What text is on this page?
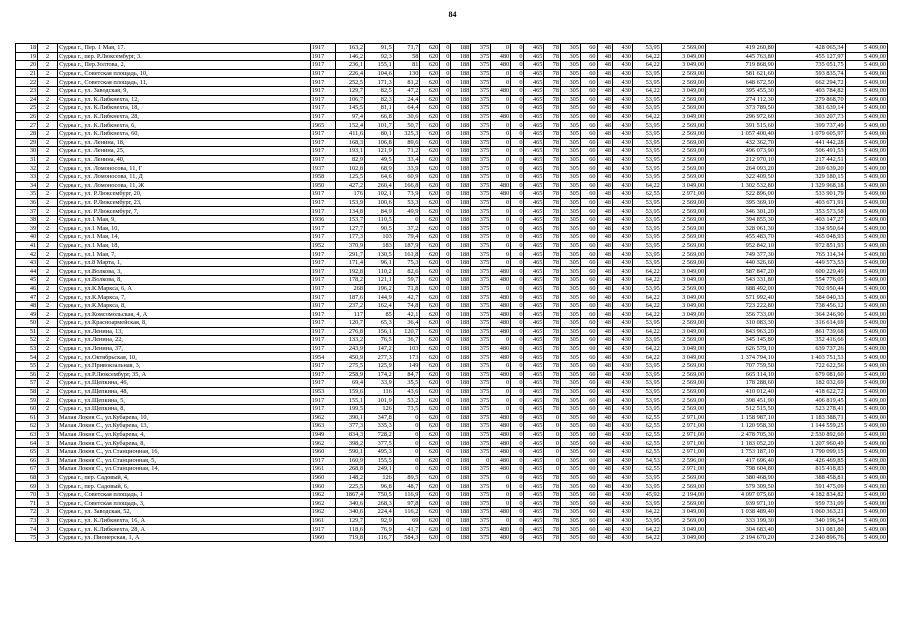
84
18	2	Суджа г., Пер. 1 Мая, 17.	1917	163,2	91,5	71,7	620	0	188	375	0	0	465	78	305	60	48	430	53,95	2 569,00	419 260,80	428 065,34	5 409,00
19	2	Суджа г., пер. Р.Люксембург, 3.	1917	146,2	92,3	58	620	0	188	375	480	0	465	78	305	60	48	430	64,22	3 049,00	445 763,80	455 127,97	5 409,00
20	2	Суджа г., Пер.Золтова, 2,	1917	236,1	155,1	81	620	0	188	375	480	0	465	78	305	60	48	430	64,22	3 049,00	719 868,90	735 051,75	5 409,00
21	2	Суджа г., Советская площадь, 10,	1917	226,4	104,6	130	620	0	188	375	0	0	465	78	305	60	48	430	53,95	2 569,00	581 621,60	593 835,74	5 409,00
22	2	Суджа г., Советская площадь, 11,	1917	252,5	171,3	81,2	620	0	188	375	0	0	465	78	305	60	48	430	53,95	2 569,00	648 672,50	662 294,72	5 409,00
23	2	Суджа г., ул. Заводская, 9,	1917	129,7	82,5	47,2	620	0	188	375	480	0	465	78	305	60	48	430	64,22	3 049,00	395 455,30	403 784,82	5 409,00
24	2	Суджа г., ул. К.Либкнехта, 12,	1917	106,7	82,3	24,4	620	0	188	375	0	0	465	78	305	60	48	430	53,95	2 569,00	274 112,30	279 868,70	5 409,00
25	2	Суджа г., ул. К.Либкнехта, 18,	1917	145,5	81,1	64,4	620	0	188	375	0	0	465	78	305	60	48	430	53,95	2 569,00	373 789,50	381 639,14	5 409,00
26	2	Суджа г., ул. К.Либкнехта, 28,	1917	97,4	66,8	30,6	620	0	188	375	480	0	465	78	305	60	48	430	64,22	3 049,00	296 972,60	303 207,73	5 409,00
27	2	Суджа г., ул. К.Либкнехта, 6,	1965	152,4	101,7	50,7	620	0	188	375	0	0	465	78	305	60	48	430	53,95	2 569,00	391 515,60	399 737,49	5 409,00
28	2	Суджа г., ул. К.Либкнехта, 60,	1917	411,6	80,1	325,3	620	0	188	375	0	0	465	78	305	60	48	430	53,95	2 569,00	1 057 400,40	1 079 605,97	5 409,00
29	2	Суджа г., ул. Ленина, 18,	1917	168,3	106,8	89,6	620	0	188	375	0	0	465	78	305	60	48	430	53,95	2 569,00	432 362,70	441 442,28	5 409,00
30	2	Суджа г., ул. Ленина, 25,	1917	193,1	121,9	71,2	620	0	188	375	0	0	465	78	305	60	48	430	53,95	2 569,00	496 073,90	506 491,53	5 409,00
31	2	Суджа г., ул. Ленина, 40,	1917	82,9	49,5	33,4	620	0	188	375	0	0	465	78	305	60	48	430	53,95	2 569,00	212 970,10	217 442,51	5 409,00
32	2	Суджа г., ул. Ломоносова, 11, Г	1937	102,8	68,9	33,9	620	0	188	375	0	0	465	78	305	60	48	430	53,95	2 569,00	264 093,20	269 639,20	5 409,00
33	2	Суджа г., ул. Ломоносова, 11, Д	1958	125,5	64,6	60,9	620	0	188	375	0	0	465	78	305	60	48	430	53,95	2 569,00	322 409,50	329 180,15	5 409,00
34	2	Суджа г., ул. Ломоносова, 11, Ж	1950	427,2	260,4	166,8	620	0	188	375	480	0	465	78	305	60	48	430	64,22	3 049,00	1 302 532,80	1 329 968,18	5 409,00
35	2	Суджа г., ул. Р.Люксембург, 20,	1917	176	102,1	73,9	620	0	188	375	480	0	465	78	305	60	48	430	62,55	2 971,00	522 896,00	533 901,79	5 409,00
36	2	Суджа г., ул. Р.Люксембург, 23,	1917	153,9	100,6	53,3	620	0	188	375	0	0	465	78	305	60	48	430	53,95	2 569,00	395 369,10	403 671,91	5 409,00
37	2	Суджа г., ул. Р.Люксембург, 7,	1917	134,8	84,9	49,9	620	0	188	375	0	0	465	78	305	60	48	430	53,95	2 569,00	346 301,20	353 573,58	5 409,00
38	2	Суджа г., ул.1 Мая, 9,	1936	153,7	110,5	0	620	0	188	375	0	0	465	78	305	60	48	430	53,95	2 569,00	394 855,30	403 147,27	5 409,00
39	2	Суджа г., ул.1 Мая, 10,	1917	127,7	90,5	37,2	620	0	188	375	0	0	465	78	305	60	48	430	53,95	2 569,00	328 061,30	334 950,64	5 409,00
40	2	Суджа г., ул.1 Мая, 14,	1917	177,3	103	79,4	620	0	188	375	0	0	465	78	305	60	48	430	53,95	2 569,00	455 483,70	465 048,93	5 409,00
41	2	Суджа г., ул.1 Мая, 18,	1952	370,9	183	187,9	620	0	188	375	0	0	465	78	305	60	48	430	53,95	2 569,00	952 842,10	972 851,93	5 409,00
42	2	Суджа г., ул.1 Мая, 7,	1917	291,7	130,5	161,8	620	0	188	375	0	0	465	78	305	60	48	430	53,95	2 569,00	749 377,30	765 114,34	5 409,00
43	2	Суджа г., ул.8 Марта, 1,	1917	171,4	96,1	75,3	620	0	188	375	0	0	465	78	305	60	48	430	53,95	2 569,00	440 326,60	449 573,53	5 409,00
44	2	Суджа г., ул.Волкова, 3,	1917	192,8	110,2	82,6	620	0	188	375	480	0	465	78	305	60	48	430	64,22	3 049,00	587 847,20	600 229,49	5 409,00
45	2	Суджа г., ул.Волкова, 8,	1917	178,2	121,1	59,7	620	0	188	375	480	0	465	78	305	60	48	430	64,22	3 049,00	543 331,80	554 776,05	5 409,00
46	2	Суджа г., ул.К.Маркса, 6, А	1917	268	196,2	71,8	620	0	188	375	0	0	465	78	305	60	48	430	53,95	2 569,00	688 492,00	702 950,44	5 409,00
47	2	Суджа г., ул.К.Маркса, 7,	1917	187,6	144,9	42,7	620	0	188	375	480	0	465	78	305	60	48	430	64,22	3 049,00	571 992,40	584 040,33	5 409,00
48	2	Суджа г., ул.К.Маркса, 8,	1917	237,2	162,4	74,8	620	0	188	375	480	0	465	78	305	60	48	430	64,22	3 049,00	723 222,80	738 456,12	5 409,00
49	2	Суджа г., ул.Комсомольская, 4, А	1917	117	85	42,1	620	0	188	375	480	0	465	78	305	60	48	430	64,22	3 049,00	356 733,00	364 246,90	5 409,00
50	2	Суджа г., ул.Красноармейская, 8,	1917	120,7	65,3	36,4	620	0	188	375	480	0	465	78	305	60	48	430	53,95	2 569,00	310 083,30	316 614,69	5 409,00
51	2	Суджа г., ул.Ленина, 13,	1917	276,8	156,1	120,7	620	0	188	375	480	0	465	78	305	60	48	430	64,22	3 049,00	843 963,20	861 739,68	5 409,00
52	2	Суджа г., ул.Ленина, 22,	1917	133,2	76,5	36,7	620	0	188	375	0	0	465	78	305	60	48	430	53,95	2 569,00	345 145,80	352 416,66	5 409,00
53	2	Суджа г., ул.Ленина, 37,	1917	243,9	147,2	103	620	0	188	375	480	0	465	78	305	60	48	430	64,22	3 049,00	626 579,10	639 737,26	5 409,00
54	2	Суджа г., ул.Октябрьская, 10,	1954	450,9	277,3	173	620	0	188	375	480	0	465	78	305	60	48	430	64,22	3 049,00	1 374 794,10	1 403 751,53	5 409,00
55	2	Суджа г., ул.Привокзальная, 3,	1917	275,5	125,9	149	620	0	188	375	0	0	465	78	305	60	48	430	53,95	2 569,00	707 759,50	722 622,56	5 409,00
56	2	Суджа г., ул.Р.Люксембург, 35, А	1917	258,9	174,2	84,7	620	0	188	375	480	0	465	78	305	60	48	430	53,95	2 569,00	665 114,10	679 081,60	5 409,00
57	2	Суджа г., ул.Щепкина, 46,	1917	69,4	33,9	35,5	620	0	188	375	0	0	465	78	305	60	48	430	53,95	2 569,00	178 288,60	182 032,69	5 409,00
58	2	Суджа г., ул.Щепкина, 48,	1953	159,6	116	43,6	620	0	188	375	0	0	465	78	305	60	48	430	53,95	2 569,00	410 012,40	418 622,72	5 409,00
59	2	Суджа г., ул.Щепкина, 5,	1917	155,1	101,9	53,2	620	0	188	375	0	0	465	78	305	60	48	430	53,95	2 569,00	398 451,90	406 819,45	5 409,00
60	2	Суджа г., ул.Щепкина, 8,	1917	199,5	126	73,5	620	0	188	375	0	0	465	78	305	60	48	430	53,95	2 569,00	512 515,50	523 278,41	5 409,00
61	3	Малая Локня С., ул.Кубарева, 10,	1962	390,1	347,8	0	620	0	188	375	480	0	465	0	305	60	48	430	62,55	2 971,00	1 158 987,10	1 183 388,71	5 409,00
62	3	Малая Локня С., ул.Кубарева, 13,	1963	377,3	335,3	0	620	0	188	375	480	0	465	0	305	60	48	430	62,55	2 971,00	1 120 958,30	1 144 559,25	5 409,00
63	3	Малая Локня С., ул.Кубарева, 4,	1949	834,3	728,2	0	620	0	188	375	480	0	465	0	305	60	48	430	62,55	2 971,00	2 478 705,30	2 530 892,60	5 409,00
64	3	Малая Локня С., ул.Кубарева, 8,	1962	398,2	377,5	0	620	0	188	375	480	0	465	0	305	60	48	430	62,55	2 971,00	1 183 052,20	1 207 960,49	5 409,00
65	3	Малая Локня С., ул.Станционная, 16,	1960	590,1	495,3	0	620	0	188	375	480	0	465	0	305	60	48	430	62,55	2 971,00	1 753 187,10	1 790 099,15	5 409,00
66	3	Малая Локня С., ул.Станционная, 5,	1917	160,9	155,5	0	620	0	188	0	480	0	465	0	305	60	48	430	54,53	2 596,00	417 696,40	426 469,85	5 409,00
67	3	Малая Локня С., ул.Станционная, 14,	1961	268,8	249,1	0	620	0	188	375	480	0	465	0	305	60	48	430	62,55	2 971,00	798 604,80	815 418,83	5 409,00
68	3	Суджа г., пер. Садовый, 4,	1960	148,2	126	89,5	620	0	188	375	0	0	465	78	305	60	48	430	53,95	2 569,00	380 468,90	388 458,81	5 409,00
69	3	Суджа г., пер. Садовый, 6,	1960	225,5	96,8	48,7	620	0	188	375	0	0	465	78	305	60	48	430	53,95	2 569,00	579 309,50	591 475,09	5 409,00
70	3	Суджа г., Советская площадь, 1	1962	1867,4	750,5	116,9	620	0	188	375	0	0	465	78	305	60	48	430	45,92	2 194,00	4 097 075,60	4 182 834,82	5 409,00
71	3	Суджа г., Советская площадь, 3,	1962	340,6	268,3	97,8	620	0	188	375	0	0	465	78	305	60	48	430	53,95	2 569,00	939 971,10	959 731,09	5 409,00
72	3	Суджа г., ул. Заводская, 52,	1962	340,6	224,4	116,2	620	0	188	375	480	0	465	78	305	60	48	430	64,22	3 049,00	1 038 489,40	1 060 363,21	5 409,00
73	3	Суджа г., ул. К.Либкнехта, 16, А	1961	129,7	92,9	69	620	0	188	375	0	0	465	78	305	60	48	430	53,95	2 569,00	333 199,30	340 196,54	5 409,00
74	3	Суджа г., ул. К.Либкнехта, 28, А	1917	118,6	76,9	41,7	620	0	188	375	480	0	465	78	305	60	48	430	64,22	3 049,00	304 683,40	311 081,80	5 409,00
75	3	Суджа г., ул. Пионерская, 1, А	1960	719,8	116,7	584,3	620	0	188	375	480	0	465	78	305	60	48	430	64,22	3 049,00	2 194 670,20	2 240 896,76	5 409,00
